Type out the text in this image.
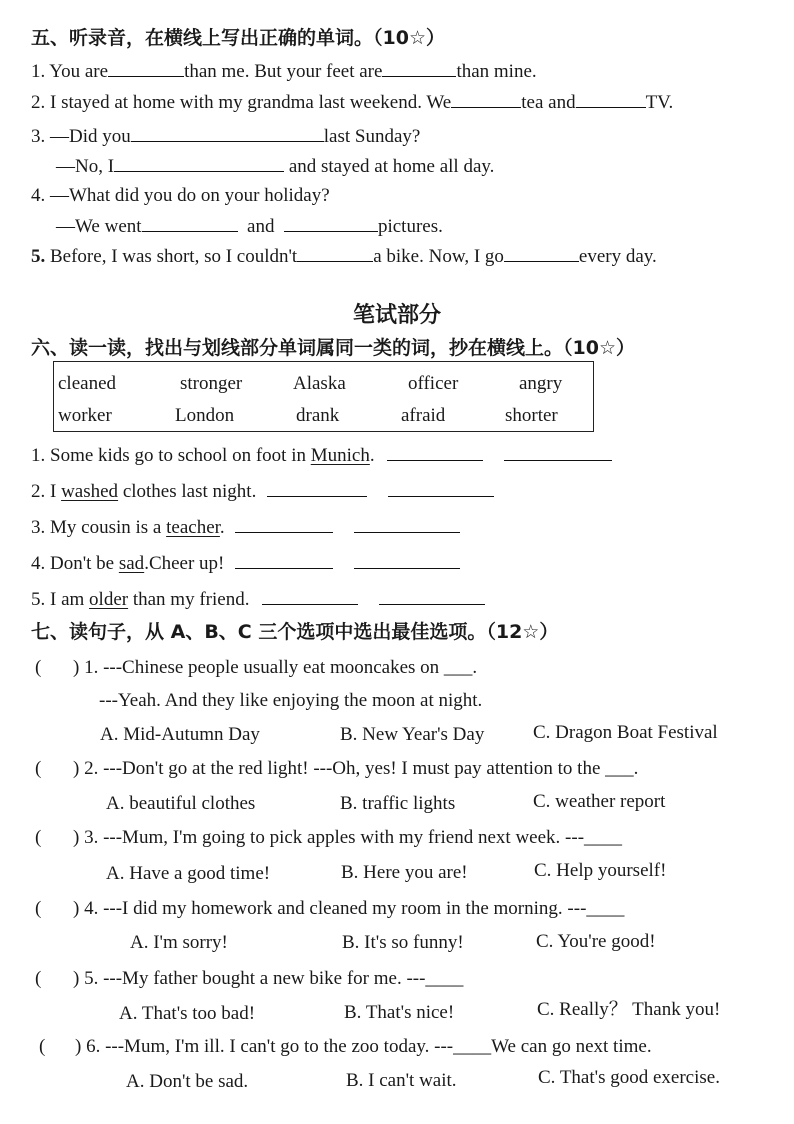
五、听录音，在横线上写出正确的单词。（10☆）
1. You are	than me. But your feet are	than mine.
2. I stayed at home with my grandma last weekend. We	tea and	TV.
3. —Did you	last Sunday?
—No, I	and stayed at home all day.
4. —What did you do on your holiday?
—We went	and	pictures.
5. Before, I was short, so I couldn't	a bike. Now, I go	every day.
笔试部分
六、读一读，找出与划线部分单词属同一类的词，抄在横线上。（10☆）
cleaned	stronger	Alaska	officer	angry
worker	London	drank	afraid	shorter
1. Some kids go to school on foot in Munich.
2. I washed clothes last night.
3. My cousin is a teacher.
4. Don't be sad.Cheer up!
5. I am older than my friend.
七、读句子，从 A、B、C 三个选项中选出最佳选项。（12☆）
( ) 1. ---Chinese people usually eat mooncakes on ___.
---Yeah. And they like enjoying the moon at night.
A. Mid-Autumn Day	B. New Year's Day	C. Dragon Boat Festival
( ) 2. ---Don't go at the red light! ---Oh, yes! I must pay attention to the ___.
A. beautiful clothes	B. traffic lights	C. weather report
( ) 3. ---Mum, I'm going to pick apples with my friend next week. ---____
A. Have a good time!	B. Here you are!	C. Help yourself!
( ) 4. ---I did my homework and cleaned my room in the morning. ---____
A. I'm sorry!	B. It's so funny!	C. You're good!
( ) 5. ---My father bought a new bike for me. ---____
A. That's too bad!	B. That's nice!	C. Really？ Thank you!
( ) 6. ---Mum, I'm ill. I can't go to the zoo today. ---____We can go next time.
A. Don't be sad.	B. I can't wait.	C. That's good exercise.
